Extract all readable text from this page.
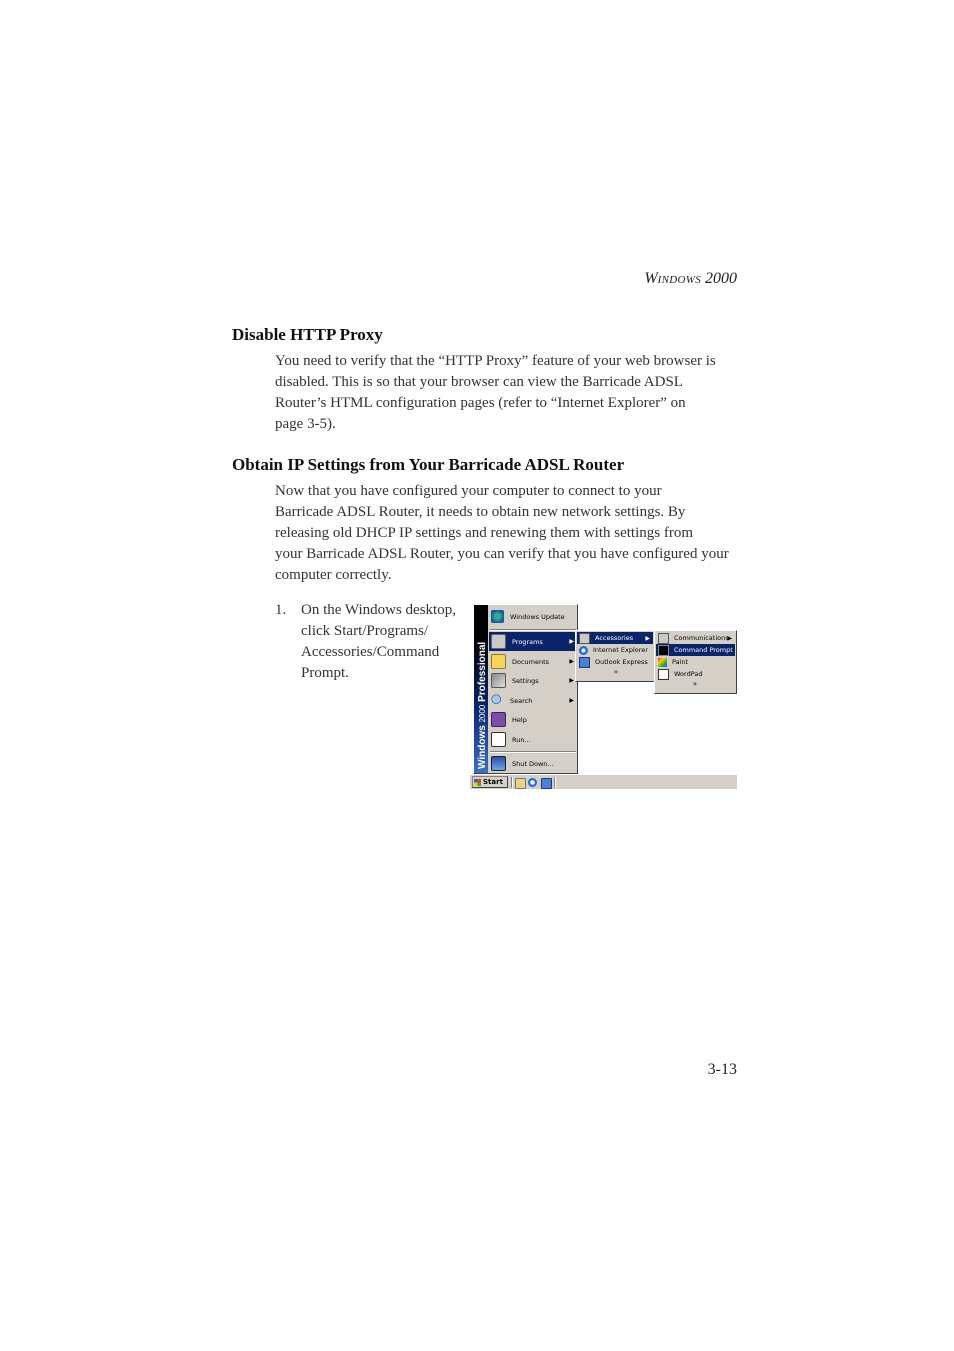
WINDOWS 2000
Disable HTTP Proxy

You need to verify that the “HTTP Proxy” feature of your web browser is
disabled. This is so that your browser can view the Barricade ADSL
Router’s HTML configuration pages (refer to “Internet Explorer” on
page 3-5).

Obtain IP Settings from Your Barricade ADSL Router

Now that you have configured your computer to connect to your
Barricade ADSL Router, it needs to obtain new network settings. By
releasing old DHCP IP settings and renewing them with settings from
your Barricade ADSL Router, you can verify that you have configured your
computer correctly.

1. On the Windows desktop,
click Start/Programs/
Accessories/Command
Prompt.
Windows 2000 Professional
Windows Update
Programs	▶
Documents	▶
Settings	▶
Search	▶
Help
Run...
Shut Down...
Accessories ▶
Internet Explorer
Outlook Express
»
Communications
▶
Command Prompt
Paint
WordPad
»
Start
3-13
